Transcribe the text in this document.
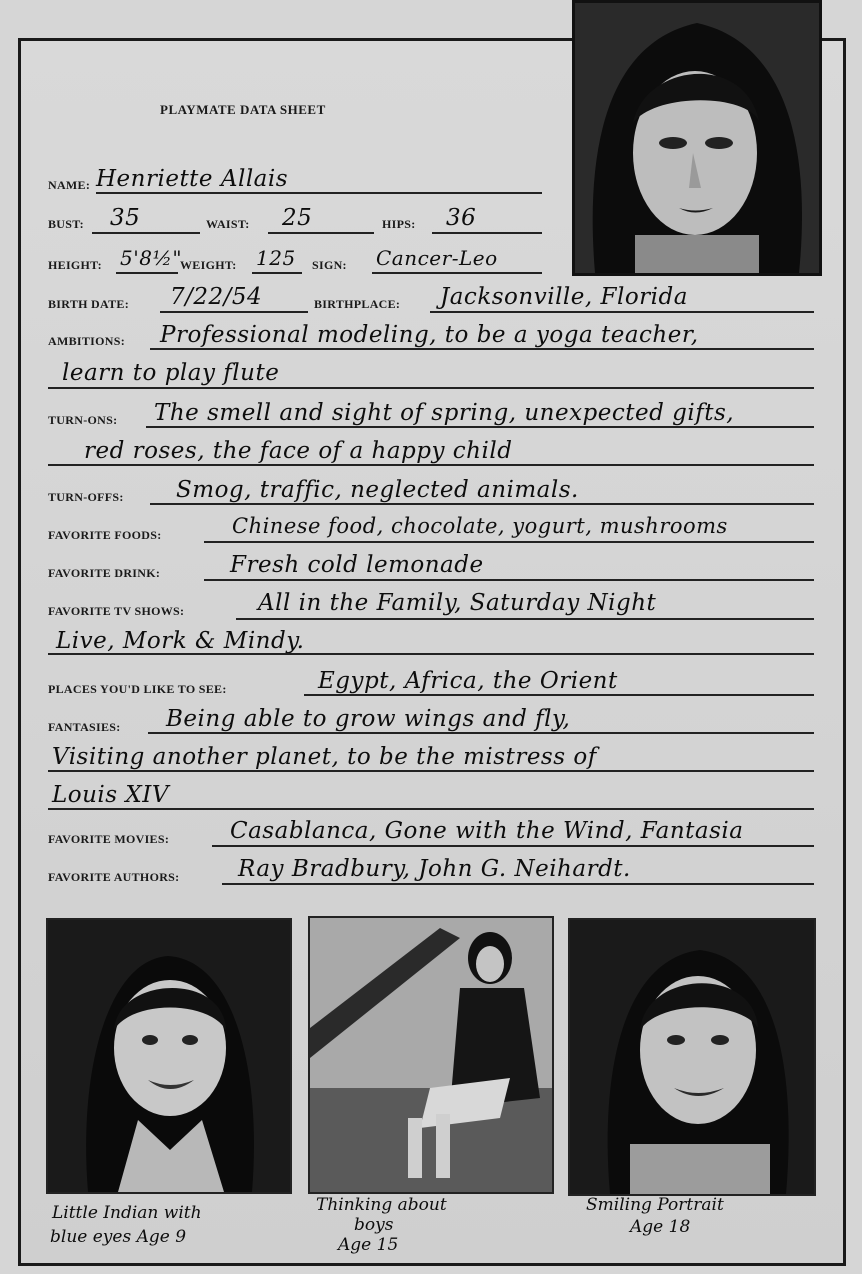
PLAYMATE DATA SHEET
NAME: Henriette Allais
BUST: 35	WAIST: 25	HIPS: 36
HEIGHT: 5'8½"
WEIGHT: 125 SIGN: Cancer-Leo
BIRTH DATE: 7/22/54	BIRTHPLACE: Jacksonville, Florida
AMBITIONS: Professional modeling, to be a yoga teacher,
learn to play flute
TURN-ONS: The smell and sight of spring, unexpected gifts,
red roses, the face of a happy child
TURN-OFFS: Smog, traffic, neglected animals.
FAVORITE FOODS:	Chinese food, chocolate, yogurt, mushrooms
FAVORITE DRINK:	Fresh cold lemonade
FAVORITE TV SHOWS:	All in the Family, Saturday Night
Live, Mork & Mindy.
PLACES YOU'D LIKE TO SEE:	Egypt, Africa, the Orient
FANTASIES: Being able to grow wings and fly,
Visiting another planet, to be the mistress of
Louis XIV
FAVORITE MOVIES:	Casablanca, Gone with the Wind, Fantasia
FAVORITE AUTHORS:	Ray Bradbury, John G. Neihardt.
Little Indian with
blue eyes Age 9
Thinking about
boys
Age 15
Smiling Portrait
Age 18
